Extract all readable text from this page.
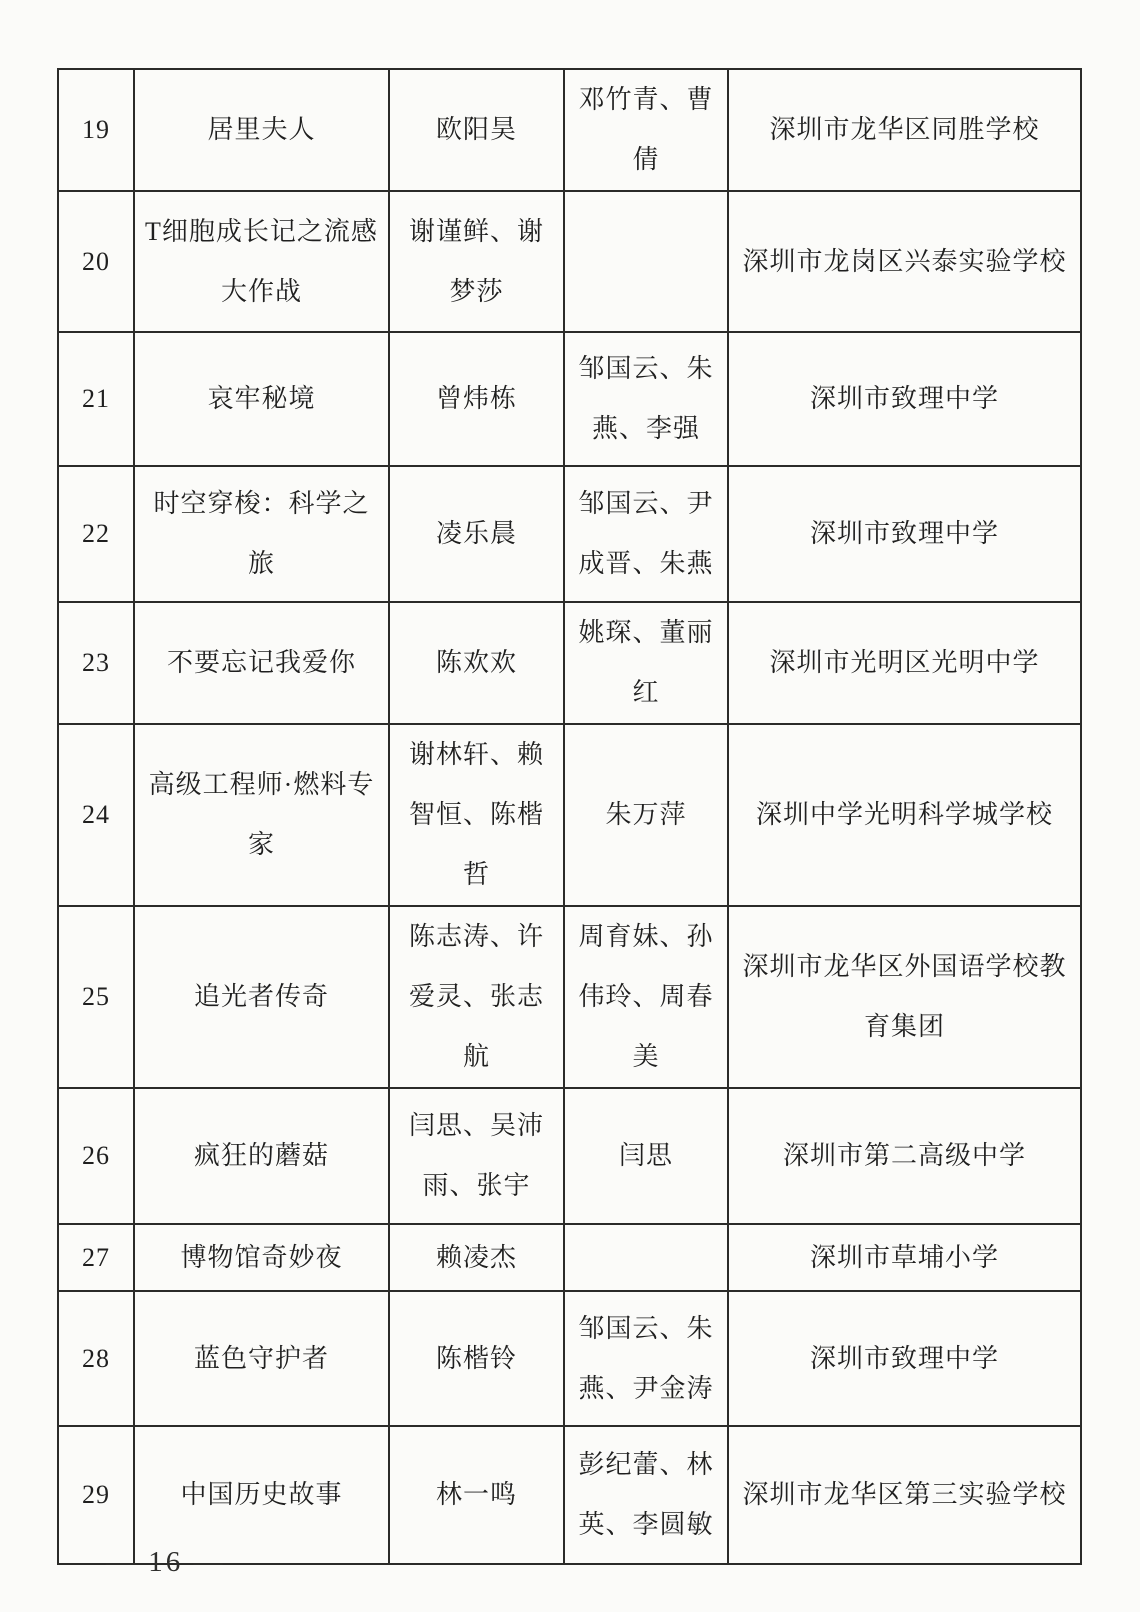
19	居里夫人	欧阳昊	邓竹青、曹倩	深圳市龙华区同胜学校
20	T细胞成长记之流感大作战	谢谨鲜、谢梦莎		深圳市龙岗区兴泰实验学校
21	哀牢秘境	曾炜栋	邹国云、朱燕、李强	深圳市致理中学
22	时空穿梭：科学之旅	凌乐晨	邹国云、尹成晋、朱燕	深圳市致理中学
23	不要忘记我爱你	陈欢欢	姚琛、董丽红	深圳市光明区光明中学
24	高级工程师·燃料专家	谢林轩、赖智恒、陈楷哲	朱万萍	深圳中学光明科学城学校
25	追光者传奇	陈志涛、许爱灵、张志航	周育妹、孙伟玲、周春美	深圳市龙华区外国语学校教育集团
26	疯狂的蘑菇	闫思、吴沛雨、张宇	闫思	深圳市第二高级中学
27	博物馆奇妙夜	赖凌杰		深圳市草埔小学
28	蓝色守护者	陈楷铃	邹国云、朱燕、尹金涛	深圳市致理中学
29	中国历史故事	林一鸣	彭纪蕾、林英、李圆敏	深圳市龙华区第三实验学校
— 16 —
